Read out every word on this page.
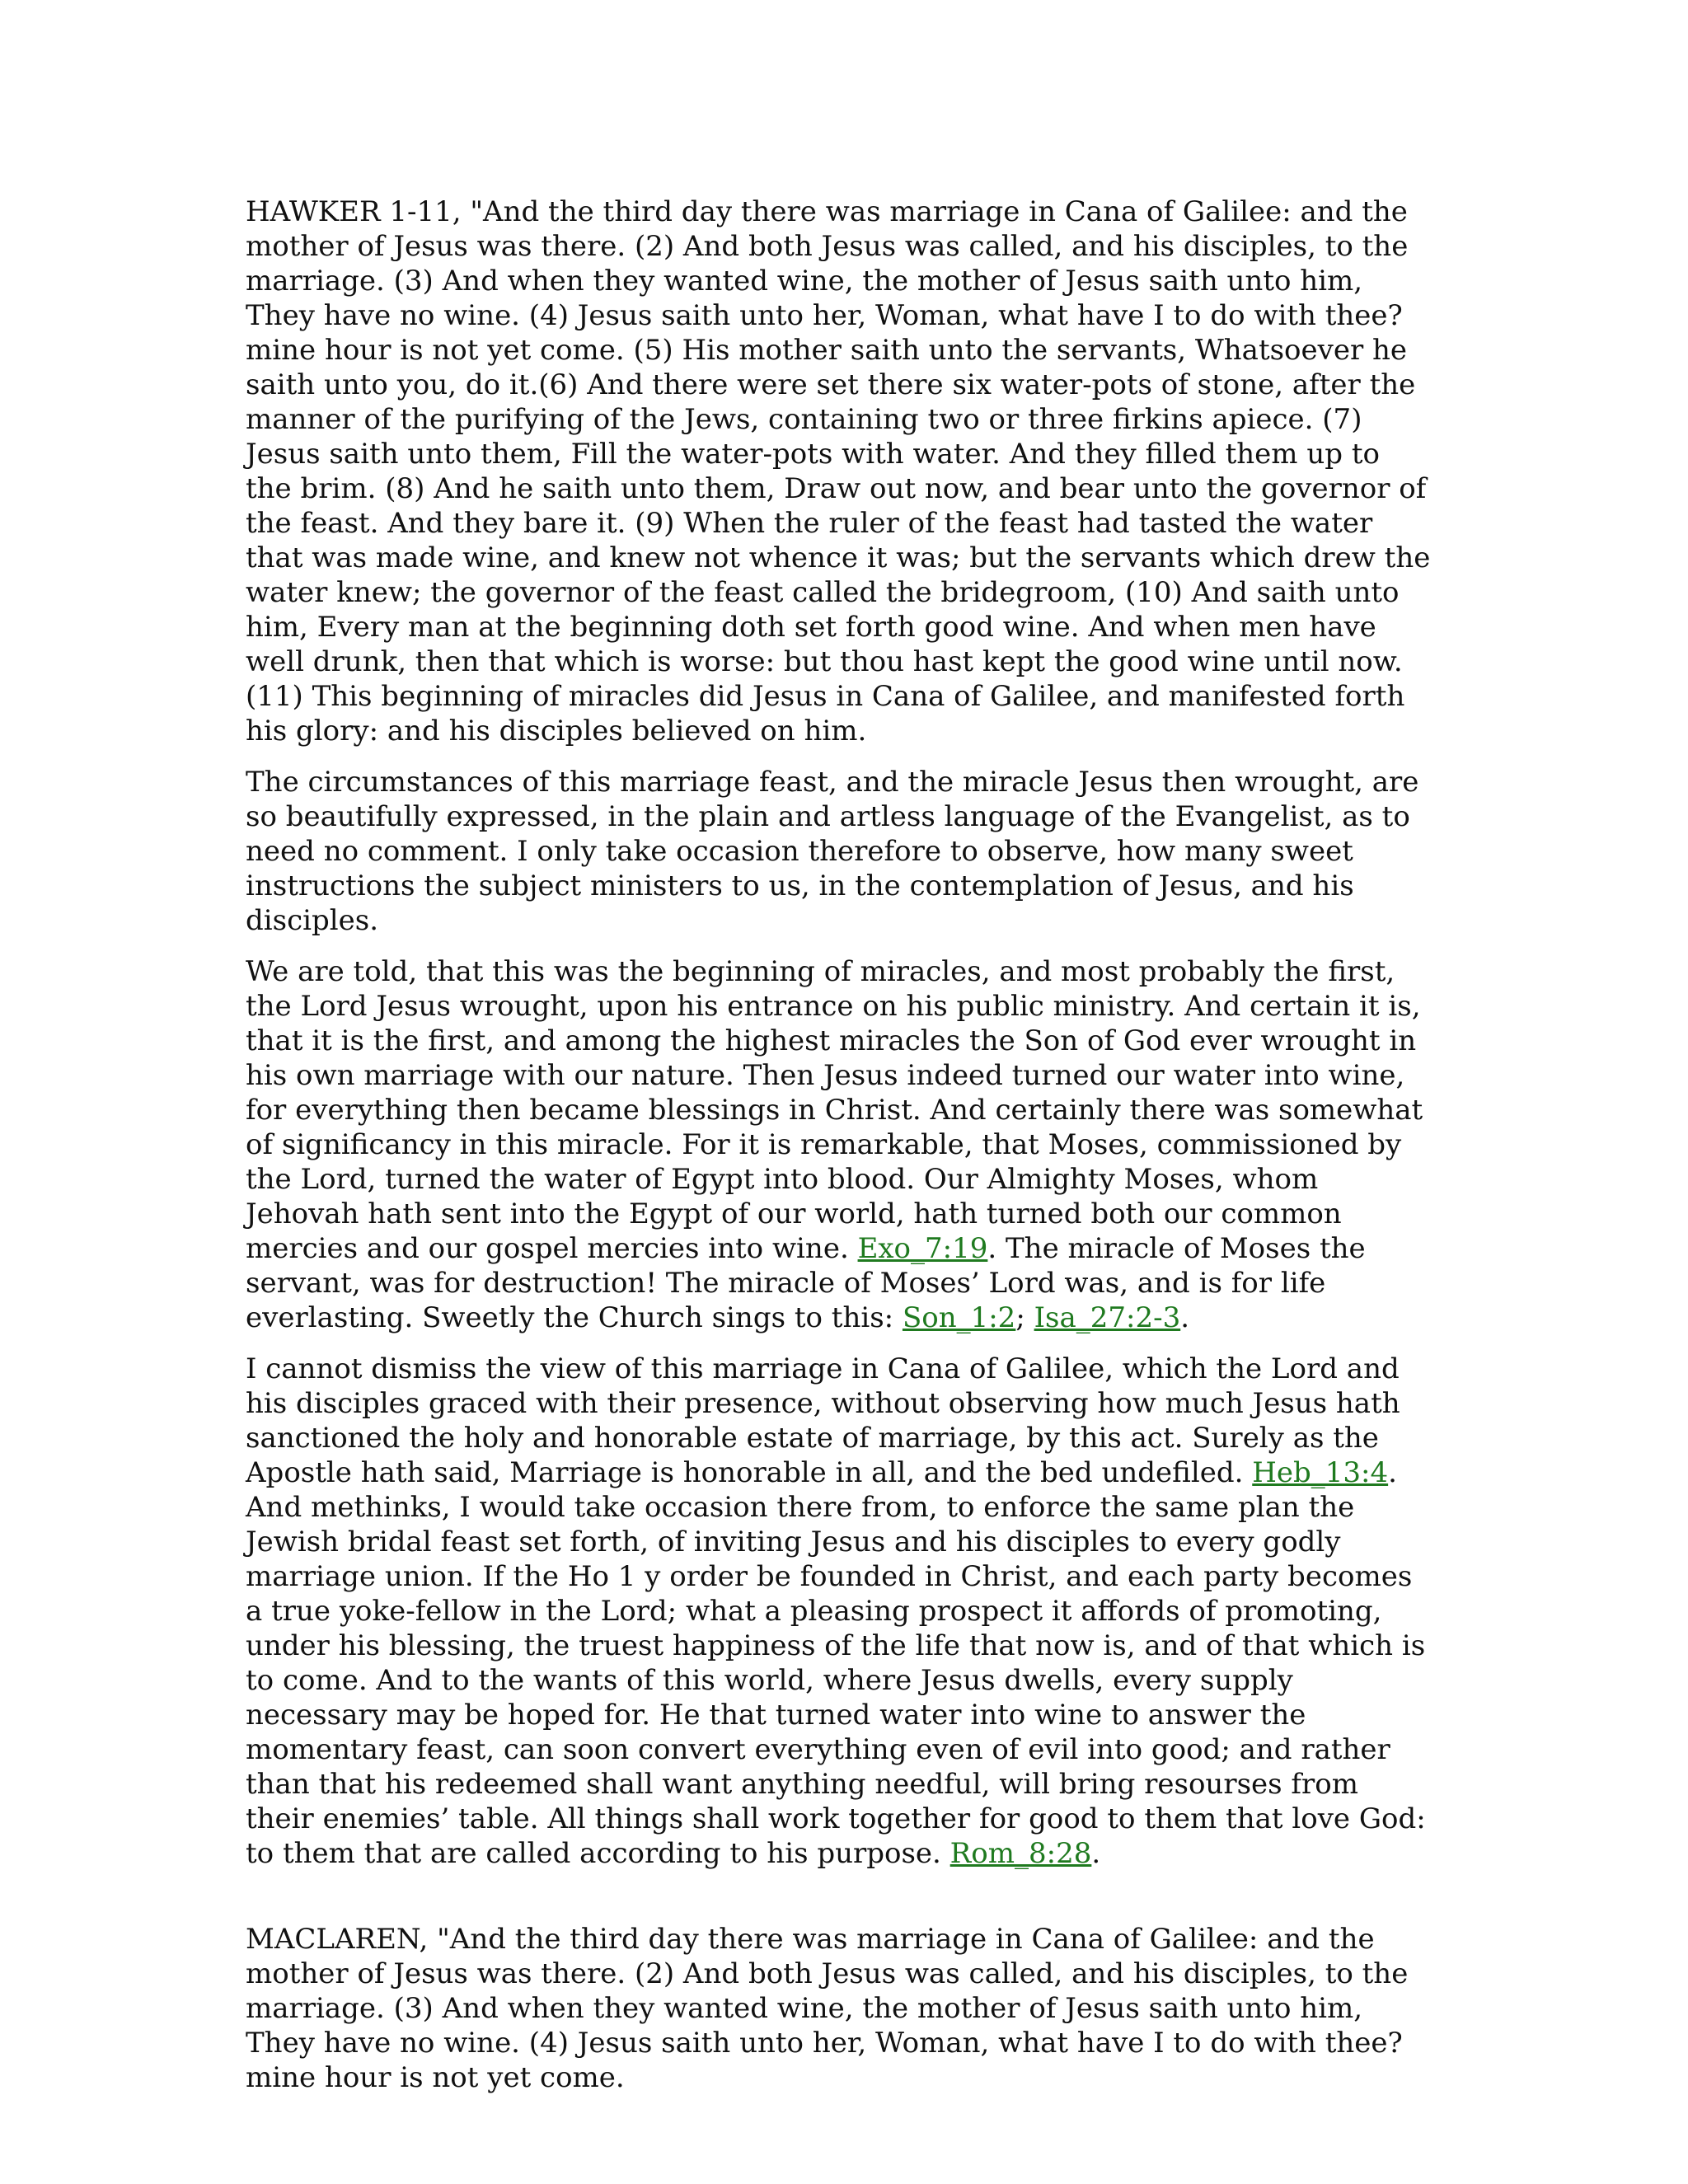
HAWKER 1-11, "And the third day there was marriage in Cana of Galilee: and the mother of Jesus was there. (2) And both Jesus was called, and his disciples, to the marriage. (3) And when they wanted wine, the mother of Jesus saith unto him, They have no wine. (4) Jesus saith unto her, Woman, what have I to do with thee? mine hour is not yet come. (5) His mother saith unto the servants, Whatsoever he saith unto you, do it.(6) And there were set there six water-pots of stone, after the manner of the purifying of the Jews, containing two or three firkins apiece. (7) Jesus saith unto them, Fill the water-pots with water. And they filled them up to the brim. (8) And he saith unto them, Draw out now, and bear unto the governor of the feast. And they bare it. (9) When the ruler of the feast had tasted the water that was made wine, and knew not whence it was; but the servants which drew the water knew; the governor of the feast called the bridegroom, (10) And saith unto him, Every man at the beginning doth set forth good wine. And when men have well drunk, then that which is worse: but thou hast kept the good wine until now. (11) This beginning of miracles did Jesus in Cana of Galilee, and manifested forth his glory: and his disciples believed on him.

The circumstances of this marriage feast, and the miracle Jesus then wrought, are so beautifully expressed, in the plain and artless language of the Evangelist, as to need no comment. I only take occasion therefore to observe, how many sweet instructions the subject ministers to us, in the contemplation of Jesus, and his disciples.

We are told, that this was the beginning of miracles, and most probably the first, the Lord Jesus wrought, upon his entrance on his public ministry. And certain it is, that it is the first, and among the highest miracles the Son of God ever wrought in his own marriage with our nature. Then Jesus indeed turned our water into wine, for everything then became blessings in Christ. And certainly there was somewhat of significancy in this miracle. For it is remarkable, that Moses, commissioned by the Lord, turned the water of Egypt into blood. Our Almighty Moses, whom Jehovah hath sent into the Egypt of our world, hath turned both our common mercies and our gospel mercies into wine. Exo_7:19. The miracle of Moses the servant, was for destruction! The miracle of Moses’ Lord was, and is for life everlasting. Sweetly the Church sings to this: Son_1:2; Isa_27:2-3.

I cannot dismiss the view of this marriage in Cana of Galilee, which the Lord and his disciples graced with their presence, without observing how much Jesus hath sanctioned the holy and honorable estate of marriage, by this act. Surely as the Apostle hath said, Marriage is honorable in all, and the bed undefiled. Heb_13:4. And methinks, I would take occasion there from, to enforce the same plan the Jewish bridal feast set forth, of inviting Jesus and his disciples to every godly marriage union. If the Ho 1 y order be founded in Christ, and each party becomes a true yoke-fellow in the Lord; what a pleasing prospect it affords of promoting, under his blessing, the truest happiness of the life that now is, and of that which is to come. And to the wants of this world, where Jesus dwells, every supply necessary may be hoped for. He that turned water into wine to answer the momentary feast, can soon convert everything even of evil into good; and rather than that his redeemed shall want anything needful, will bring resourses from their enemies’ table. All things shall work together for good to them that love God: to them that are called according to his purpose. Rom_8:28.

MACLAREN, "And the third day there was marriage in Cana of Galilee: and the mother of Jesus was there. (2) And both Jesus was called, and his disciples, to the marriage. (3) And when they wanted wine, the mother of Jesus saith unto him, They have no wine. (4) Jesus saith unto her, Woman, what have I to do with thee? mine hour is not yet come.
